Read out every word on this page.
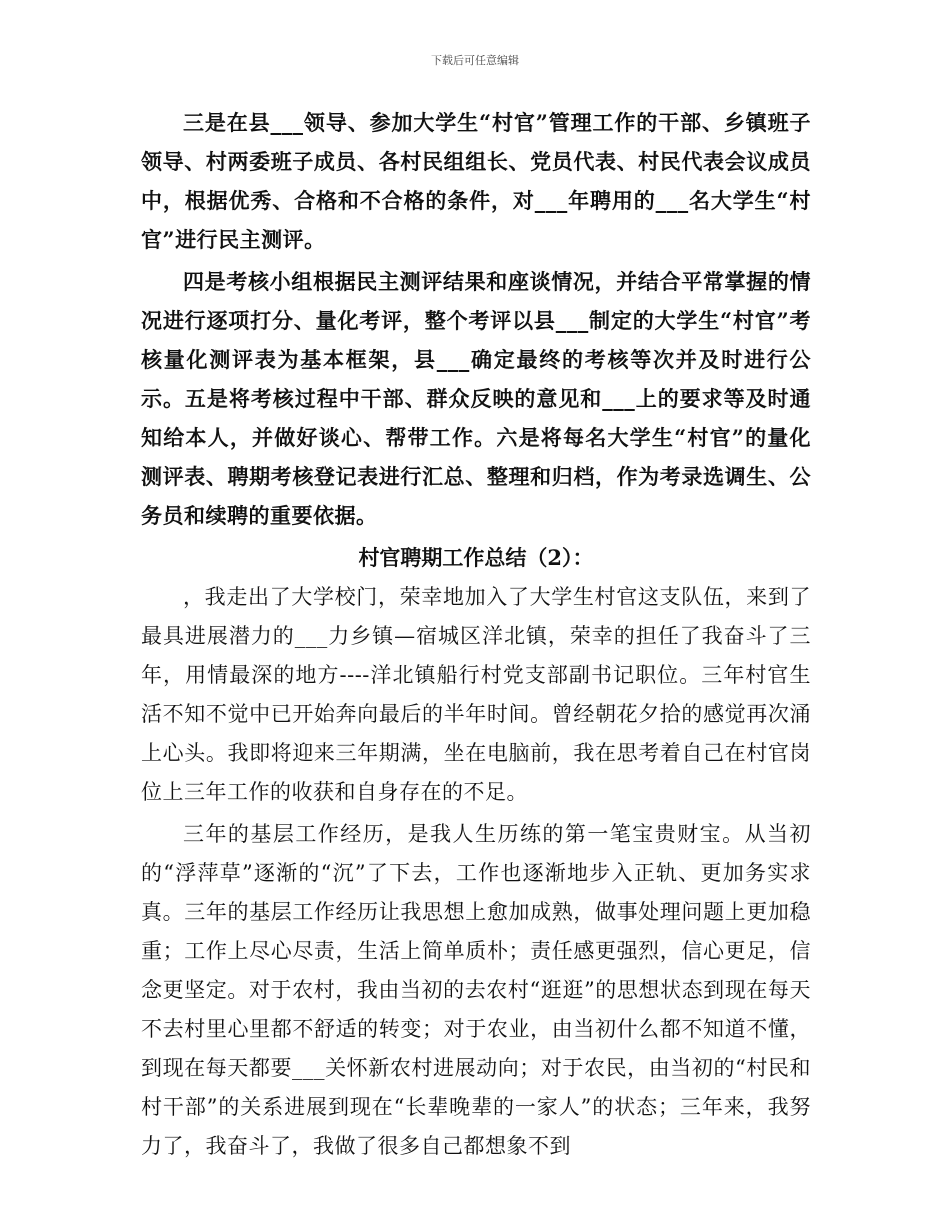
下载后可任意编辑

三是在县___领导、参加大学生“村官”管理工作的干部、乡镇班子领导、村两委班子成员、各村民组组长、党员代表、村民代表会议成员中，根据优秀、合格和不合格的条件，对___年聘用的___名大学生“村官”进行民主测评。

四是考核小组根据民主测评结果和座谈情况，并结合平常掌握的情况进行逐项打分、量化考评，整个考评以县___制定的大学生“村官”考核量化测评表为基本框架，县___确定最终的考核等次并及时进行公示。五是将考核过程中干部、群众反映的意见和___上的要求等及时通知给本人，并做好谈心、帮带工作。六是将每名大学生“村官”的量化测评表、聘期考核登记表进行汇总、整理和归档，作为考录选调生、公务员和续聘的重要依据。

村官聘期工作总结（2）：

，我走出了大学校门，荣幸地加入了大学生村官这支队伍，来到了最具进展潜力的___力乡镇—宿城区洋北镇，荣幸的担任了我奋斗了三年，用情最深的地方----洋北镇船行村党支部副书记职位。三年村官生活不知不觉中已开始奔向最后的半年时间。曾经朝花夕拾的感觉再次涌上心头。我即将迎来三年期满，坐在电脑前，我在思考着自己在村官岗位上三年工作的收获和自身存在的不足。

三年的基层工作经历，是我人生历练的第一笔宝贵财宝。从当初的“浮萍草”逐渐的“沉”了下去，工作也逐渐地步入正轨、更加务实求真。三年的基层工作经历让我思想上愈加成熟，做事处理问题上更加稳重；工作上尽心尽责，生活上简单质朴；责任感更强烈，信心更足，信念更坚定。对于农村，我由当初的去农村“逛逛”的思想状态到现在每天不去村里心里都不舒适的转变；对于农业，由当初什么都不知道不懂，到现在每天都要___关怀新农村进展动向；对于农民，由当初的“村民和村干部”的关系进展到现在“长辈晚辈的一家人”的状态；三年来，我努力了，我奋斗了，我做了很多自己都想象不到
